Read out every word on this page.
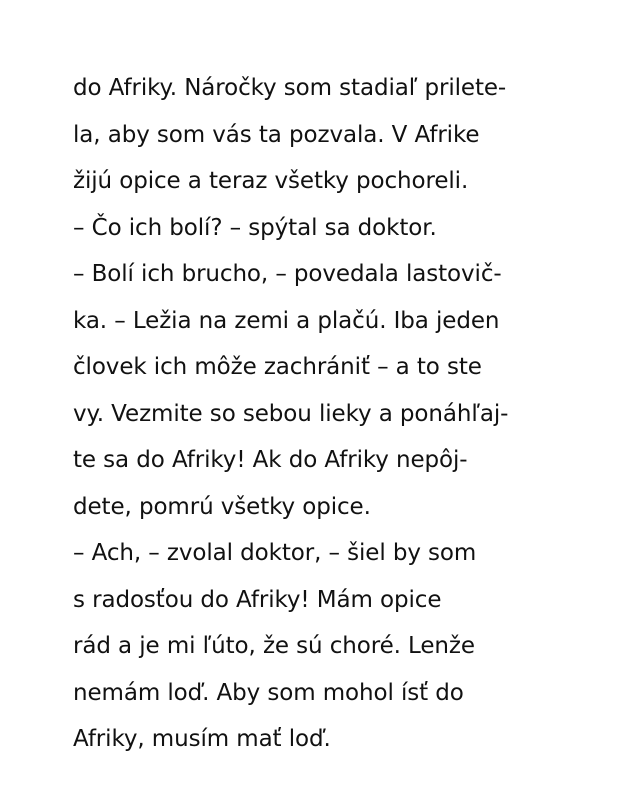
do Afriky. Náročky som stadiaľ prilete-
la, aby som vás ta pozvala. V Afrike
žijú opice a teraz všetky pochoreli.
– Čo ich bolí? – spýtal sa doktor.
– Bolí ich brucho, – povedala lastovič-
ka. – Ležia na zemi a plačú. Iba jeden
človek ich môže zachrániť – a to ste
vy. Vezmite so sebou lieky a ponáhľaj-
te sa do Afriky! Ak do Afriky nepôj-
dete, pomrú všetky opice.
– Ach, – zvolal doktor, – šiel by som
s radosťou do Afriky! Mám opice
rád a je mi ľúto, že sú choré. Lenže
nemám loď. Aby som mohol ísť do
Afriky, musím mať loď.
